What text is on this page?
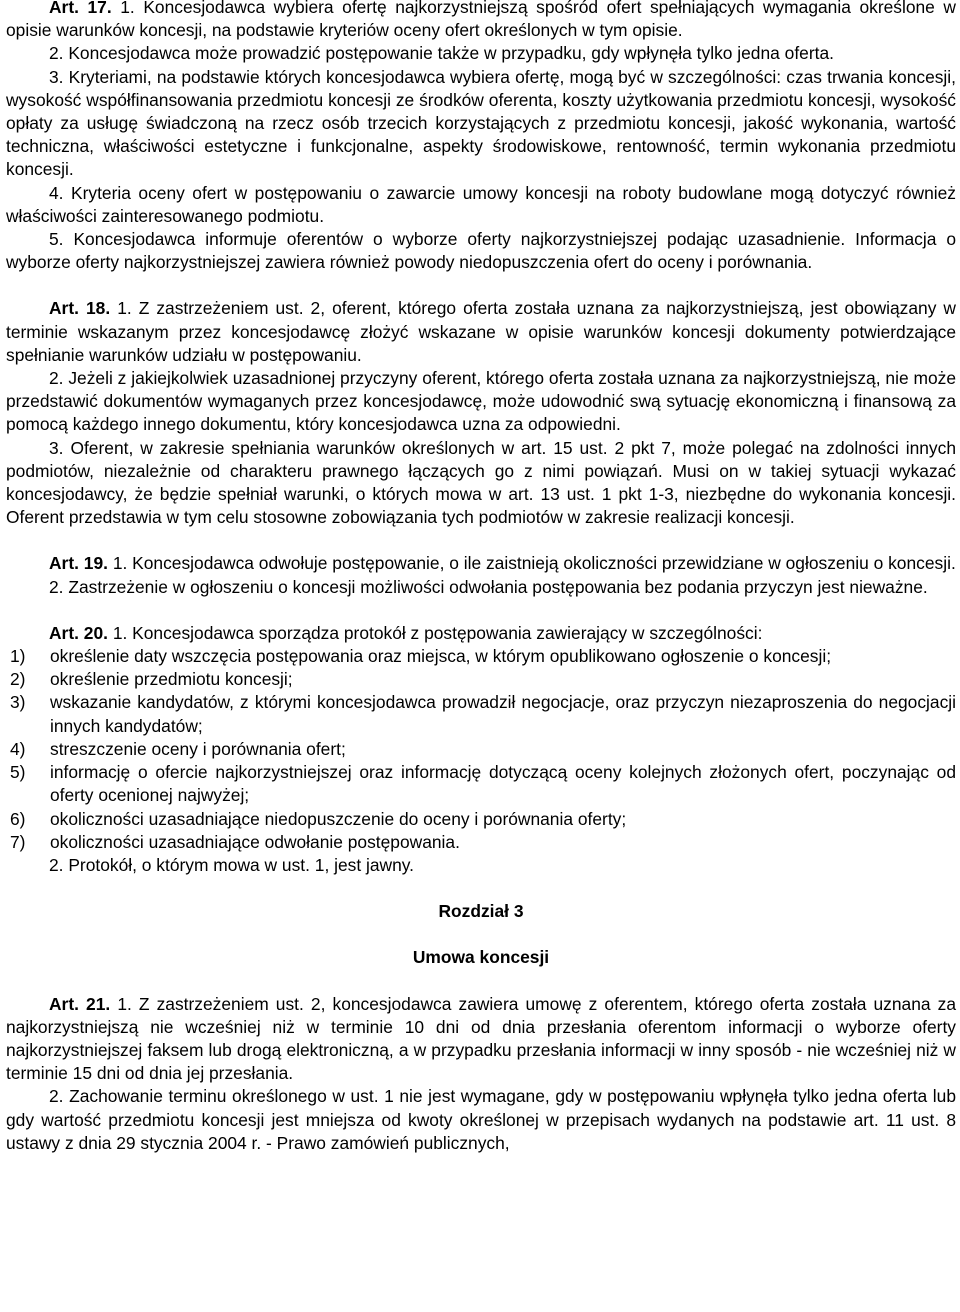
Art. 17. 1. Koncesjodawca wybiera ofertę najkorzystniejszą spośród ofert spełniających wymagania określone w opisie warunków koncesji, na podstawie kryteriów oceny ofert określonych w tym opisie.

2. Koncesjodawca może prowadzić postępowanie także w przypadku, gdy wpłynęła tylko jedna oferta.

3. Kryteriami, na podstawie których koncesjodawca wybiera ofertę, mogą być w szczególności: czas trwania koncesji, wysokość współfinansowania przedmiotu koncesji ze środków oferenta, koszty użytkowania przedmiotu koncesji, wysokość opłaty za usługę świadczoną na rzecz osób trzecich korzystających z przedmiotu koncesji, jakość wykonania, wartość techniczna, właściwości estetyczne i funkcjonalne, aspekty środowiskowe, rentowność, termin wykonania przedmiotu koncesji.

4. Kryteria oceny ofert w postępowaniu o zawarcie umowy koncesji na roboty budowlane mogą dotyczyć również właściwości zainteresowanego podmiotu.

5. Koncesjodawca informuje oferentów o wyborze oferty najkorzystniejszej podając uzasadnienie. Informacja o wyborze oferty najkorzystniejszej zawiera również powody niedopuszczenia ofert do oceny i porównania.

Art. 18. 1. Z zastrzeżeniem ust. 2, oferent, którego oferta została uznana za najkorzystniejszą, jest obowiązany w terminie wskazanym przez koncesjodawcę złożyć wskazane w opisie warunków koncesji dokumenty potwierdzające spełnianie warunków udziału w postępowaniu.

2. Jeżeli z jakiejkolwiek uzasadnionej przyczyny oferent, którego oferta została uznana za najkorzystniejszą, nie może przedstawić dokumentów wymaganych przez koncesjodawcę, może udowodnić swą sytuację ekonomiczną i finansową za pomocą każdego innego dokumentu, który koncesjodawca uzna za odpowiedni.

3. Oferent, w zakresie spełniania warunków określonych w art. 15 ust. 2 pkt 7, może polegać na zdolności innych podmiotów, niezależnie od charakteru prawnego łączących go z nimi powiązań. Musi on w takiej sytuacji wykazać koncesjodawcy, że będzie spełniał warunki, o których mowa w art. 13 ust. 1 pkt 1-3, niezbędne do wykonania koncesji. Oferent przedstawia w tym celu stosowne zobowiązania tych podmiotów w zakresie realizacji koncesji.

Art. 19. 1. Koncesjodawca odwołuje postępowanie, o ile zaistnieją okoliczności przewidziane w ogłoszeniu o koncesji.

2. Zastrzeżenie w ogłoszeniu o koncesji możliwości odwołania postępowania bez podania przyczyn jest nieważne.

Art. 20. 1. Koncesjodawca sporządza protokół z postępowania zawierający w szczególności:

1) określenie daty wszczęcia postępowania oraz miejsca, w którym opublikowano ogłoszenie o koncesji;
2) określenie przedmiotu koncesji;
3) wskazanie kandydatów, z którymi koncesjodawca prowadził negocjacje, oraz przyczyn niezaproszenia do negocjacji innych kandydatów;
4) streszczenie oceny i porównania ofert;
5) informację o ofercie najkorzystniejszej oraz informację dotyczącą oceny kolejnych złożonych ofert, poczynając od oferty ocenionej najwyżej;
6) okoliczności uzasadniające niedopuszczenie do oceny i porównania oferty;
7) okoliczności uzasadniające odwołanie postępowania.

2. Protokół, o którym mowa w ust. 1, jest jawny.

Rozdział 3

Umowa koncesji

Art. 21. 1. Z zastrzeżeniem ust. 2, koncesjodawca zawiera umowę z oferentem, którego oferta została uznana za najkorzystniejszą nie wcześniej niż w terminie 10 dni od dnia przesłania oferentom informacji o wyborze oferty najkorzystniejszej faksem lub drogą elektroniczną, a w przypadku przesłania informacji w inny sposób - nie wcześniej niż w terminie 15 dni od dnia jej przesłania.

2. Zachowanie terminu określonego w ust. 1 nie jest wymagane, gdy w postępowaniu wpłynęła tylko jedna oferta lub gdy wartość przedmiotu koncesji jest mniejsza od kwoty określonej w przepisach wydanych na podstawie art. 11 ust. 8 ustawy z dnia 29 stycznia 2004 r. - Prawo zamówień publicznych,
